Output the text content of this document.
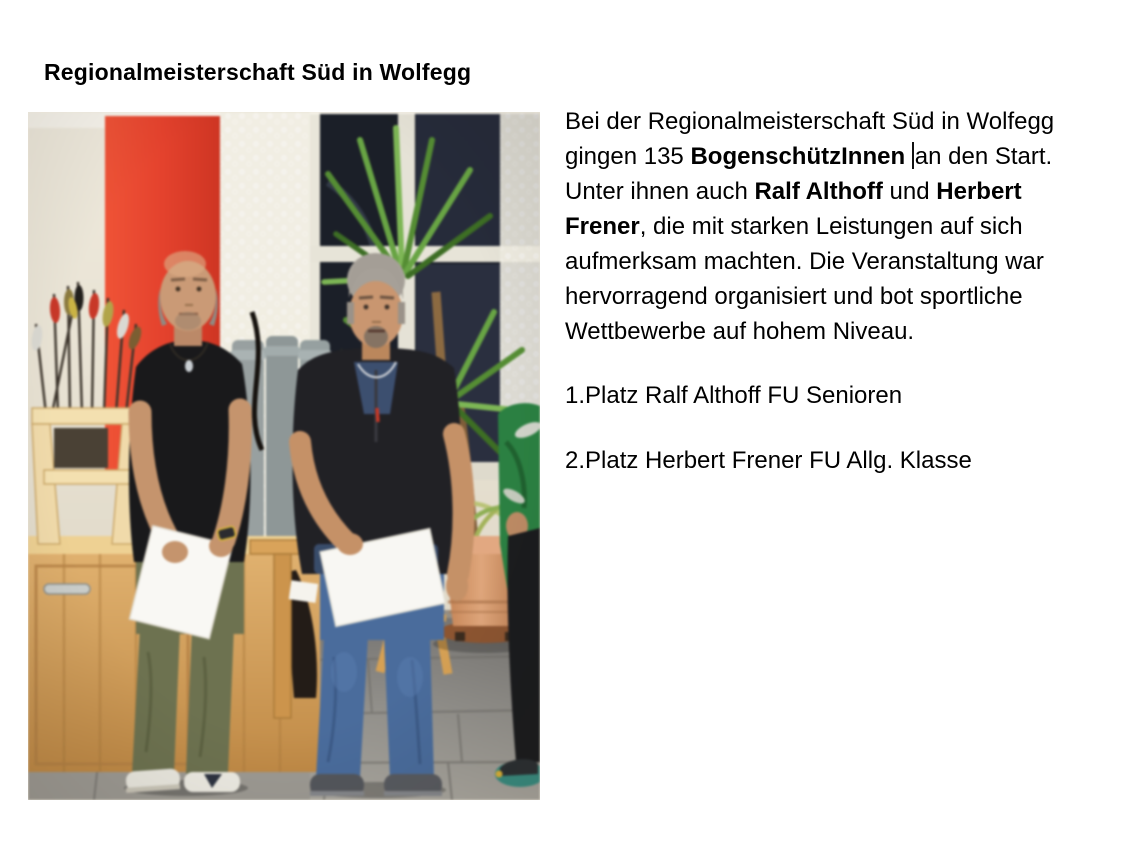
Regionalmeisterschaft Süd in Wolfegg

Bei der Regionalmeisterschaft Süd in Wolfegg gingen 135 BogenschützInnen an den Start. Unter ihnen auch Ralf Althoff und Herbert Frener, die mit starken Leistungen auf sich aufmerksam machten. Die Veranstaltung war hervorragend organisiert und bot sportliche Wettbewerbe auf hohem Niveau.

1.Platz Ralf Althoff FU Senioren

2.Platz Herbert Frener FU Allg. Klasse
